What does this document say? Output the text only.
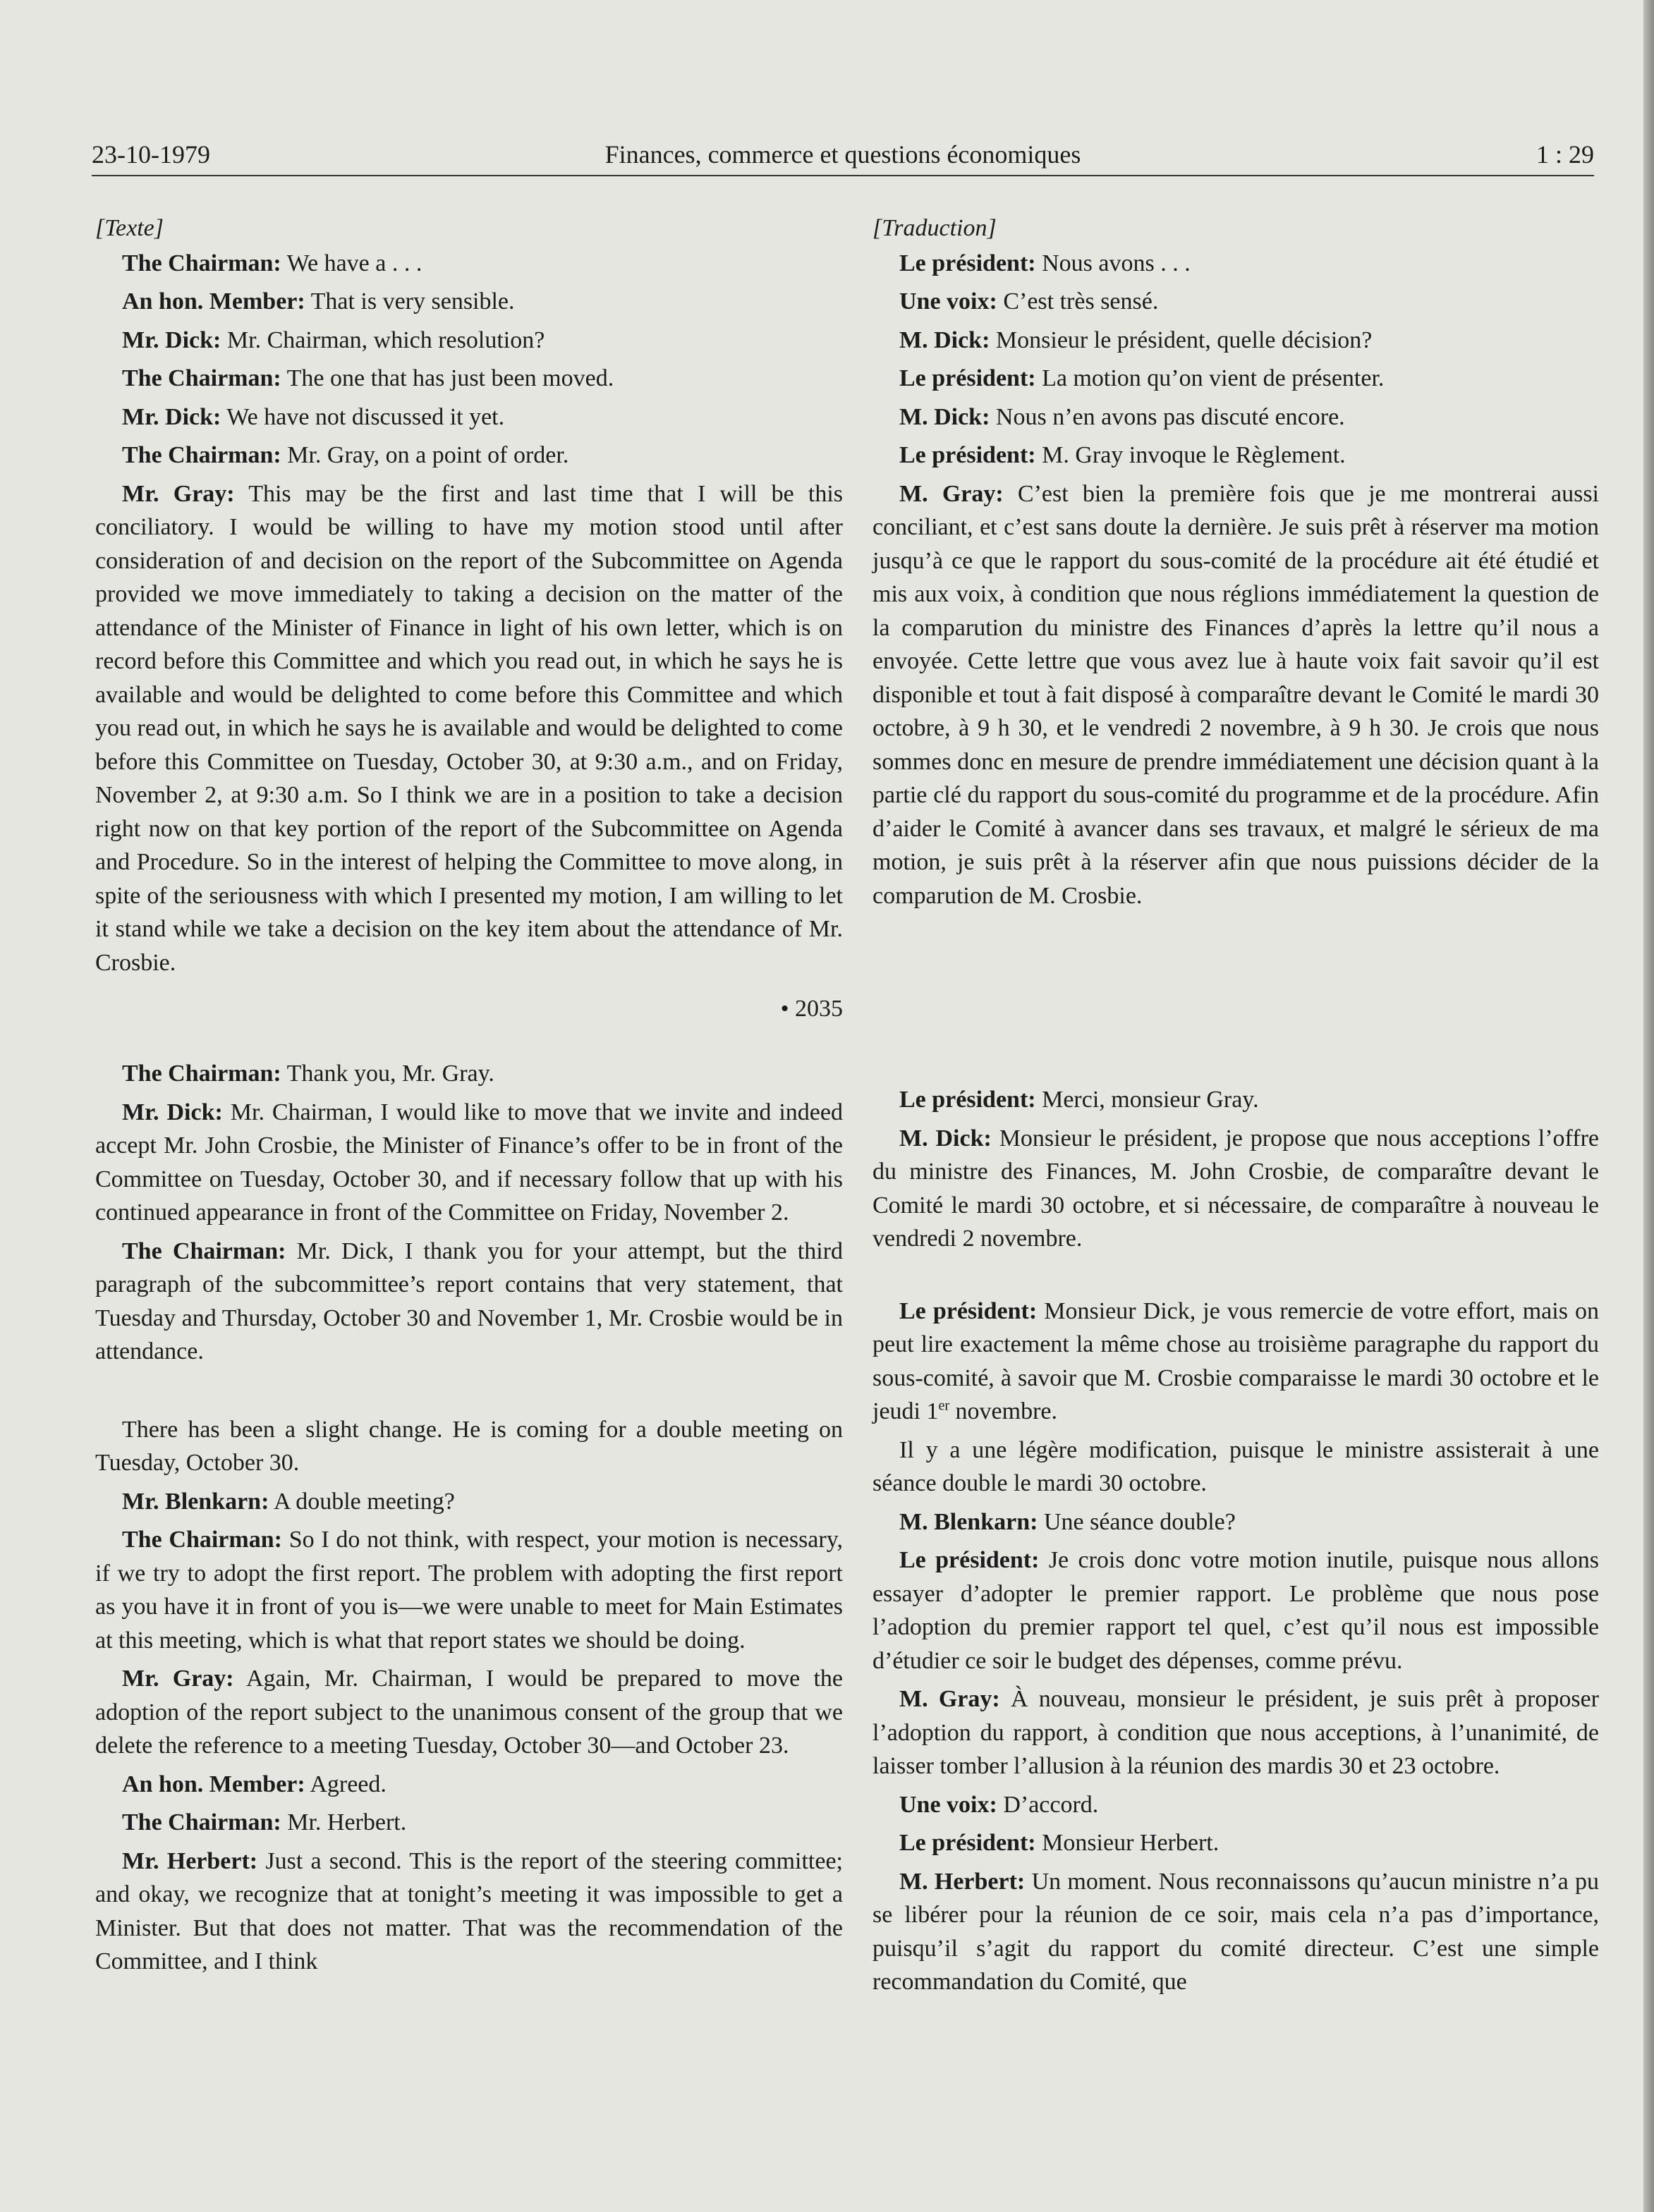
23-10-1979	Finances, commerce et questions économiques	1 : 29

[Texte]

The Chairman: We have a . . .

An hon. Member: That is very sensible.

Mr. Dick: Mr. Chairman, which resolution?

The Chairman: The one that has just been moved.

Mr. Dick: We have not discussed it yet.

The Chairman: Mr. Gray, on a point of order.

Mr. Gray: This may be the first and last time that I will be this conciliatory. I would be willing to have my motion stood until after consideration of and decision on the report of the Subcommittee on Agenda provided we move immediately to taking a decision on the matter of the attendance of the Minister of Finance in light of his own letter, which is on record before this Committee and which you read out, in which he says he is available and would be delighted to come before this Committee and which you read out, in which he says he is available and would be delighted to come before this Committee on Tuesday, October 30, at 9:30 a.m., and on Friday, November 2, at 9:30 a.m. So I think we are in a position to take a decision right now on that key portion of the report of the Subcommittee on Agenda and Procedure. So in the interest of helping the Committee to move along, in spite of the seriousness with which I presented my motion, I am willing to let it stand while we take a decision on the key item about the attendance of Mr. Crosbie.

• 2035

The Chairman: Thank you, Mr. Gray.

Mr. Dick: Mr. Chairman, I would like to move that we invite and indeed accept Mr. John Crosbie, the Minister of Finance’s offer to be in front of the Committee on Tuesday, October 30, and if necessary follow that up with his continued appearance in front of the Committee on Friday, November 2.

The Chairman: Mr. Dick, I thank you for your attempt, but the third paragraph of the subcommittee’s report contains that very statement, that Tuesday and Thursday, October 30 and November 1, Mr. Crosbie would be in attendance.

There has been a slight change. He is coming for a double meeting on Tuesday, October 30.

Mr. Blenkarn: A double meeting?

The Chairman: So I do not think, with respect, your motion is necessary, if we try to adopt the first report. The problem with adopting the first report as you have it in front of you is—we were unable to meet for Main Estimates at this meeting, which is what that report states we should be doing.

Mr. Gray: Again, Mr. Chairman, I would be prepared to move the adoption of the report subject to the unanimous consent of the group that we delete the reference to a meeting Tuesday, October 30—and October 23.

An hon. Member: Agreed.

The Chairman: Mr. Herbert.

Mr. Herbert: Just a second. This is the report of the steering committee; and okay, we recognize that at tonight’s meeting it was impossible to get a Minister. But that does not matter. That was the recommendation of the Committee, and I think

[Traduction]

Le président: Nous avons . . .

Une voix: C’est très sensé.

M. Dick: Monsieur le président, quelle décision?

Le président: La motion qu’on vient de présenter.

M. Dick: Nous n’en avons pas discuté encore.

Le président: M. Gray invoque le Règlement.

M. Gray: C’est bien la première fois que je me montrerai aussi conciliant, et c’est sans doute la dernière. Je suis prêt à réserver ma motion jusqu’à ce que le rapport du sous-comité de la procédure ait été étudié et mis aux voix, à condition que nous réglions immédiatement la question de la comparution du ministre des Finances d’après la lettre qu’il nous a envoyée. Cette lettre que vous avez lue à haute voix fait savoir qu’il est disponible et tout à fait disposé à comparaître devant le Comité le mardi 30 octobre, à 9 h 30, et le vendredi 2 novembre, à 9 h 30. Je crois que nous sommes donc en mesure de prendre immédiatement une décision quant à la partie clé du rapport du sous-comité du programme et de la procédure. Afin d’aider le Comité à avancer dans ses travaux, et malgré le sérieux de ma motion, je suis prêt à la réserver afin que nous puissions décider de la comparution de M. Crosbie.

Le président: Merci, monsieur Gray.

M. Dick: Monsieur le président, je propose que nous acceptions l’offre du ministre des Finances, M. John Crosbie, de comparaître devant le Comité le mardi 30 octobre, et si nécessaire, de comparaître à nouveau le vendredi 2 novembre.

Le président: Monsieur Dick, je vous remercie de votre effort, mais on peut lire exactement la même chose au troisième paragraphe du rapport du sous-comité, à savoir que M. Crosbie comparaisse le mardi 30 octobre et le jeudi 1er novembre.

Il y a une légère modification, puisque le ministre assisterait à une séance double le mardi 30 octobre.

M. Blenkarn: Une séance double?

Le président: Je crois donc votre motion inutile, puisque nous allons essayer d’adopter le premier rapport. Le problème que nous pose l’adoption du premier rapport tel quel, c’est qu’il nous est impossible d’étudier ce soir le budget des dépenses, comme prévu.

M. Gray: À nouveau, monsieur le président, je suis prêt à proposer l’adoption du rapport, à condition que nous acceptions, à l’unanimité, de laisser tomber l’allusion à la réunion des mardis 30 et 23 octobre.

Une voix: D’accord.

Le président: Monsieur Herbert.

M. Herbert: Un moment. Nous reconnaissons qu’aucun ministre n’a pu se libérer pour la réunion de ce soir, mais cela n’a pas d’importance, puisqu’il s’agit du rapport du comité directeur. C’est une simple recommandation du Comité, que
